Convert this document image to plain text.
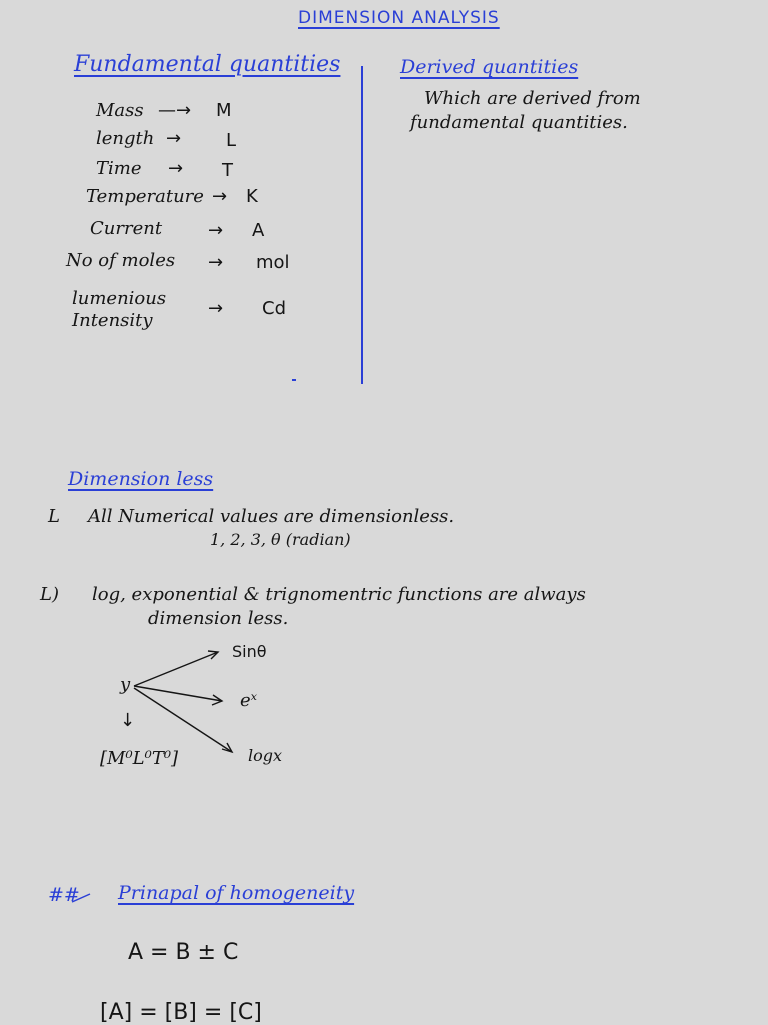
DIMENSION ANALYSIS
Fundamental quantities
Mass —→ M
length → L
Time → T
Temperature → K
Current	→ A
No of moles → mol
lumenious Intensity
→ Cd
Derived quantities
Which are derived from
fundamental quantities.
Dimension less
L All Numerical values are dimensionless.
1, 2, 3, θ (radian)
L) log, exponential & trignomentric functions are always
dimension less.
y
Sinθ
eˣ
logx
↓
[M⁰L⁰T⁰]
## Prinapal of homogeneity
A = B ± C
[A] = [B] = [C]
